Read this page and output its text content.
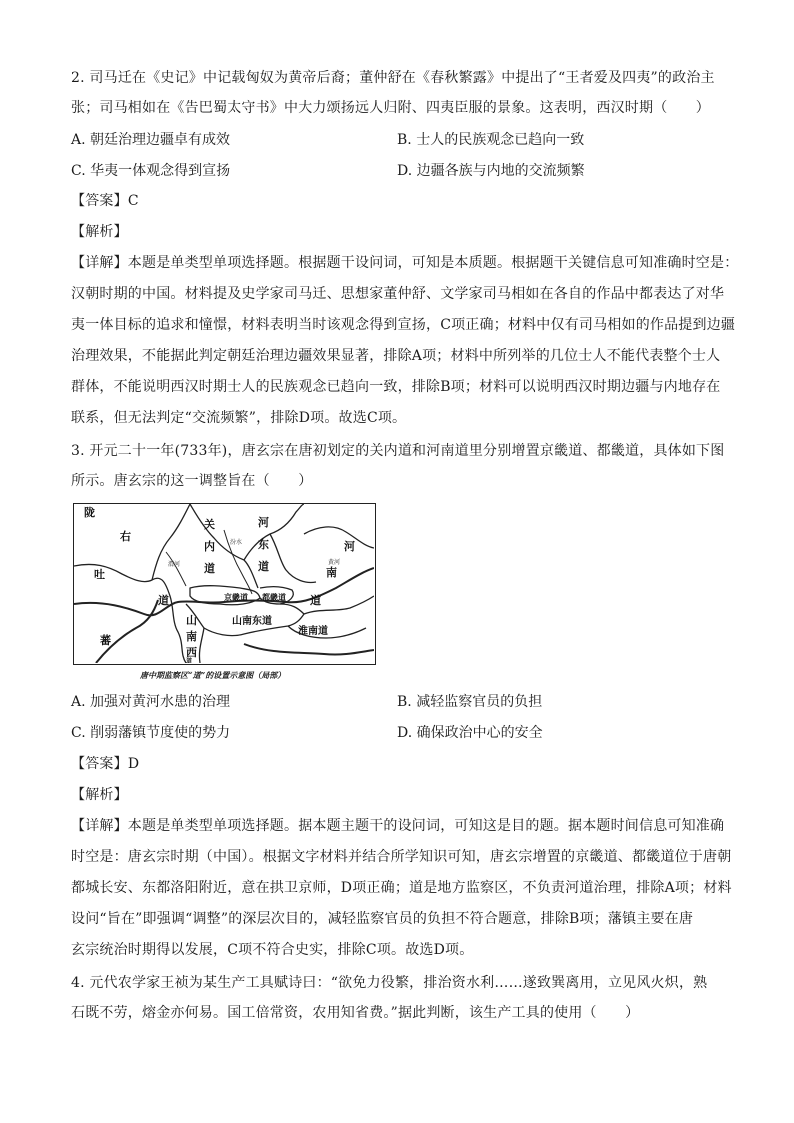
2. 司马迁在《史记》中记载匈奴为黄帝后裔；董仲舒在《春秋繁露》中提出了“王者爱及四夷”的政治主
张；司马相如在《告巴蜀太守书》中大力颂扬远人归附、四夷臣服的景象。这表明，西汉时期（　　）
A. 朝廷治理边疆卓有成效	B. 士人的民族观念已趋向一致
C. 华夷一体观念得到宣扬	D. 边疆各族与内地的交流频繁
【答案】C
【解析】
【详解】本题是单类型单项选择题。根据题干设问词，可知是本质题。根据题干关键信息可知准确时空是：
汉朝时期的中国。材料提及史学家司马迁、思想家董仲舒、文学家司马相如在各自的作品中都表达了对华
夷一体目标的追求和憧憬，材料表明当时该观念得到宣扬，C项正确；材料中仅有司马相如的作品提到边疆
治理效果，不能据此判定朝廷治理边疆效果显著，排除A项；材料中所列举的几位士人不能代表整个士人
群体，不能说明西汉时期士人的民族观念已趋向一致，排除B项；材料可以说明西汉时期边疆与内地存在
联系，但无法判定“交流频繁”，排除D项。故选C项。
3. 开元二十一年(733年)，唐玄宗在唐初划定的关内道和河南道里分别增置京畿道、都畿道，具体如下图
所示。唐玄宗的这一调整旨在（　　）
陇
右
吐
蕃
道
关
内
道
河
东
道
河
南
道
京畿道 都畿道
山
南
西
道
山南东道
淮南道
黄河
汾水
渭河
唐中期监察区“道”的设置示意图（局部）
A. 加强对黄河水患的治理	B. 减轻监察官员的负担
C. 削弱藩镇节度使的势力	D. 确保政治中心的安全
【答案】D
【解析】
【详解】本题是单类型单项选择题。据本题主题干的设问词，可知这是目的题。据本题时间信息可知准确
时空是：唐玄宗时期（中国）。根据文字材料并结合所学知识可知，唐玄宗增置的京畿道、都畿道位于唐朝
都城长安、东都洛阳附近，意在拱卫京师，D项正确；道是地方监察区，不负责河道治理，排除A项；材料
设问“旨在”即强调“调整”的深层次目的，减轻监察官员的负担不符合题意，排除B项；藩镇主要在唐
玄宗统治时期得以发展，C项不符合史实，排除C项。故选D项。
4. 元代农学家王祯为某生产工具赋诗曰：“欲免力役繁，排治资水利……遂致巽离用，立见风火炽，熟
石既不劳，熔金亦何易。国工倍常资，农用知省费。”据此判断，该生产工具的使用（　　）
